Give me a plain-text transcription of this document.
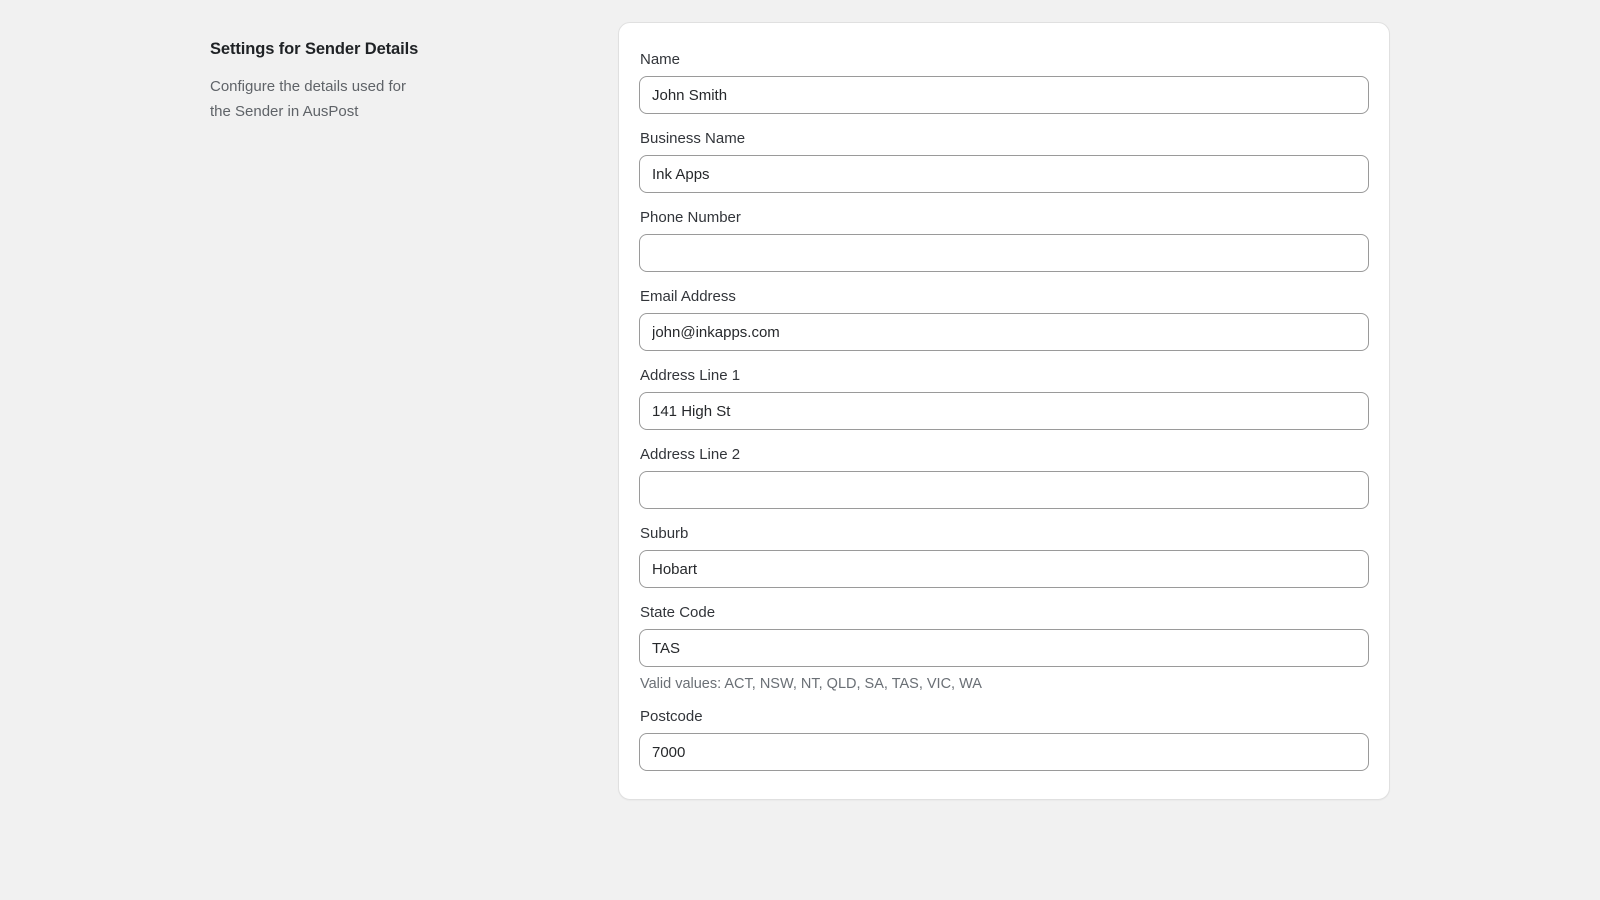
Settings for Sender Details

Configure the details used for the Sender in AusPost

Name
John Smith
Business Name
Ink Apps
Phone Number
Email Address
john@inkapps.com
Address Line 1
141 High St
Address Line 2
Suburb
Hobart
State Code
TAS
Valid values: ACT, NSW, NT, QLD, SA, TAS, VIC, WA
Postcode
7000
